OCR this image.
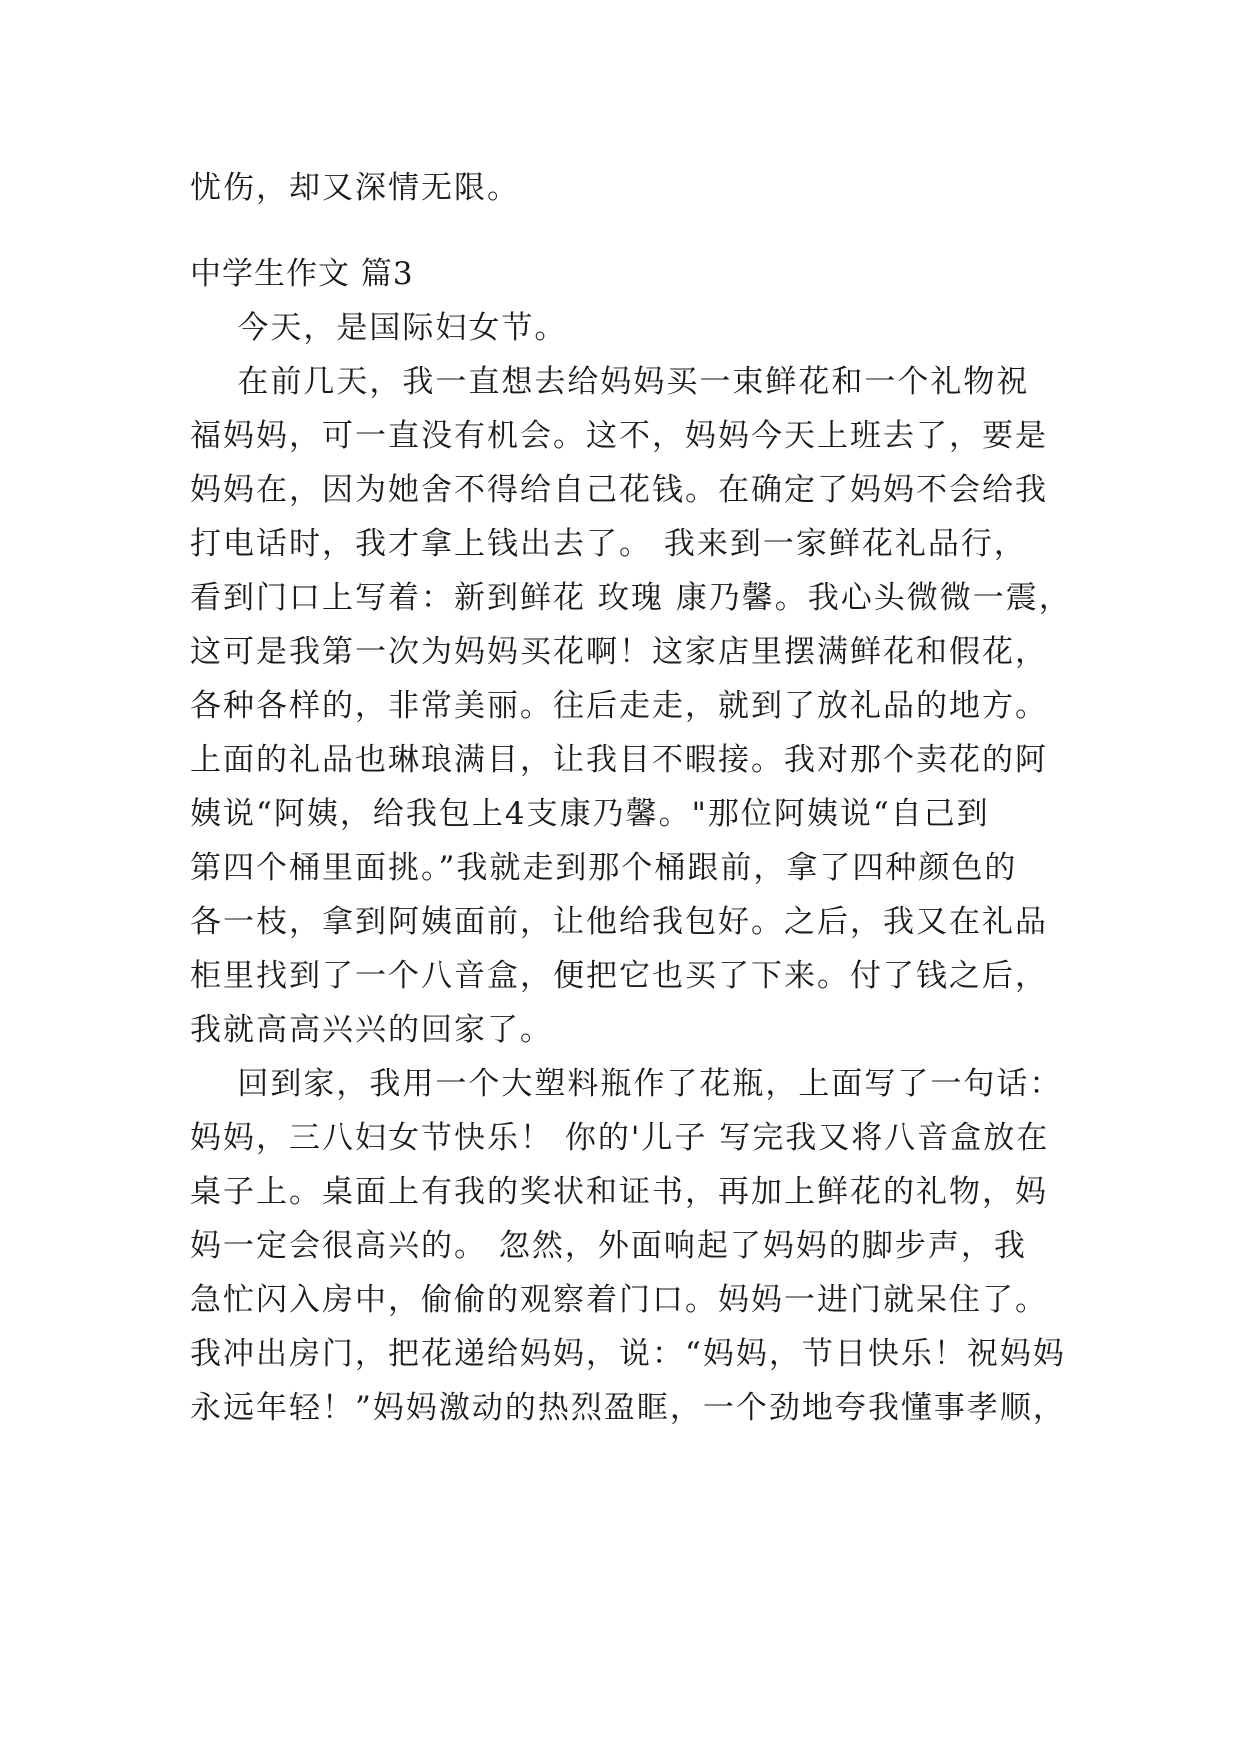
忧伤，却又深情无限。
中学生作文 篇3
今天，是国际妇女节。
在前几天，我一直想去给妈妈买一束鲜花和一个礼物祝
福妈妈，可一直没有机会。这不，妈妈今天上班去了，要是
妈妈在，因为她舍不得给自己花钱。在确定了妈妈不会给我
打电话时，我才拿上钱出去了。 我来到一家鲜花礼品行，
看到门口上写着：新到鲜花 玫瑰 康乃馨。我心头微微一震，
这可是我第一次为妈妈买花啊！这家店里摆满鲜花和假花，
各种各样的，非常美丽。往后走走，就到了放礼品的地方。
上面的礼品也琳琅满目，让我目不暇接。我对那个卖花的阿
姨说“阿姨，给我包上4支康乃馨。"那位阿姨说“自己到
第四个桶里面挑。”我就走到那个桶跟前，拿了四种颜色的
各一枝，拿到阿姨面前，让他给我包好。之后，我又在礼品
柜里找到了一个八音盒，便把它也买了下来。付了钱之后，
我就高高兴兴的回家了。
回到家，我用一个大塑料瓶作了花瓶，上面写了一句话：
妈妈，三八妇女节快乐！ 你的'儿子 写完我又将八音盒放在
桌子上。桌面上有我的奖状和证书，再加上鲜花的礼物，妈
妈一定会很高兴的。 忽然，外面响起了妈妈的脚步声，我
急忙闪入房中，偷偷的观察着门口。妈妈一进门就呆住了。
我冲出房门，把花递给妈妈，说：“妈妈，节日快乐！祝妈妈
永远年轻！”妈妈激动的热烈盈眶，一个劲地夸我懂事孝顺，
